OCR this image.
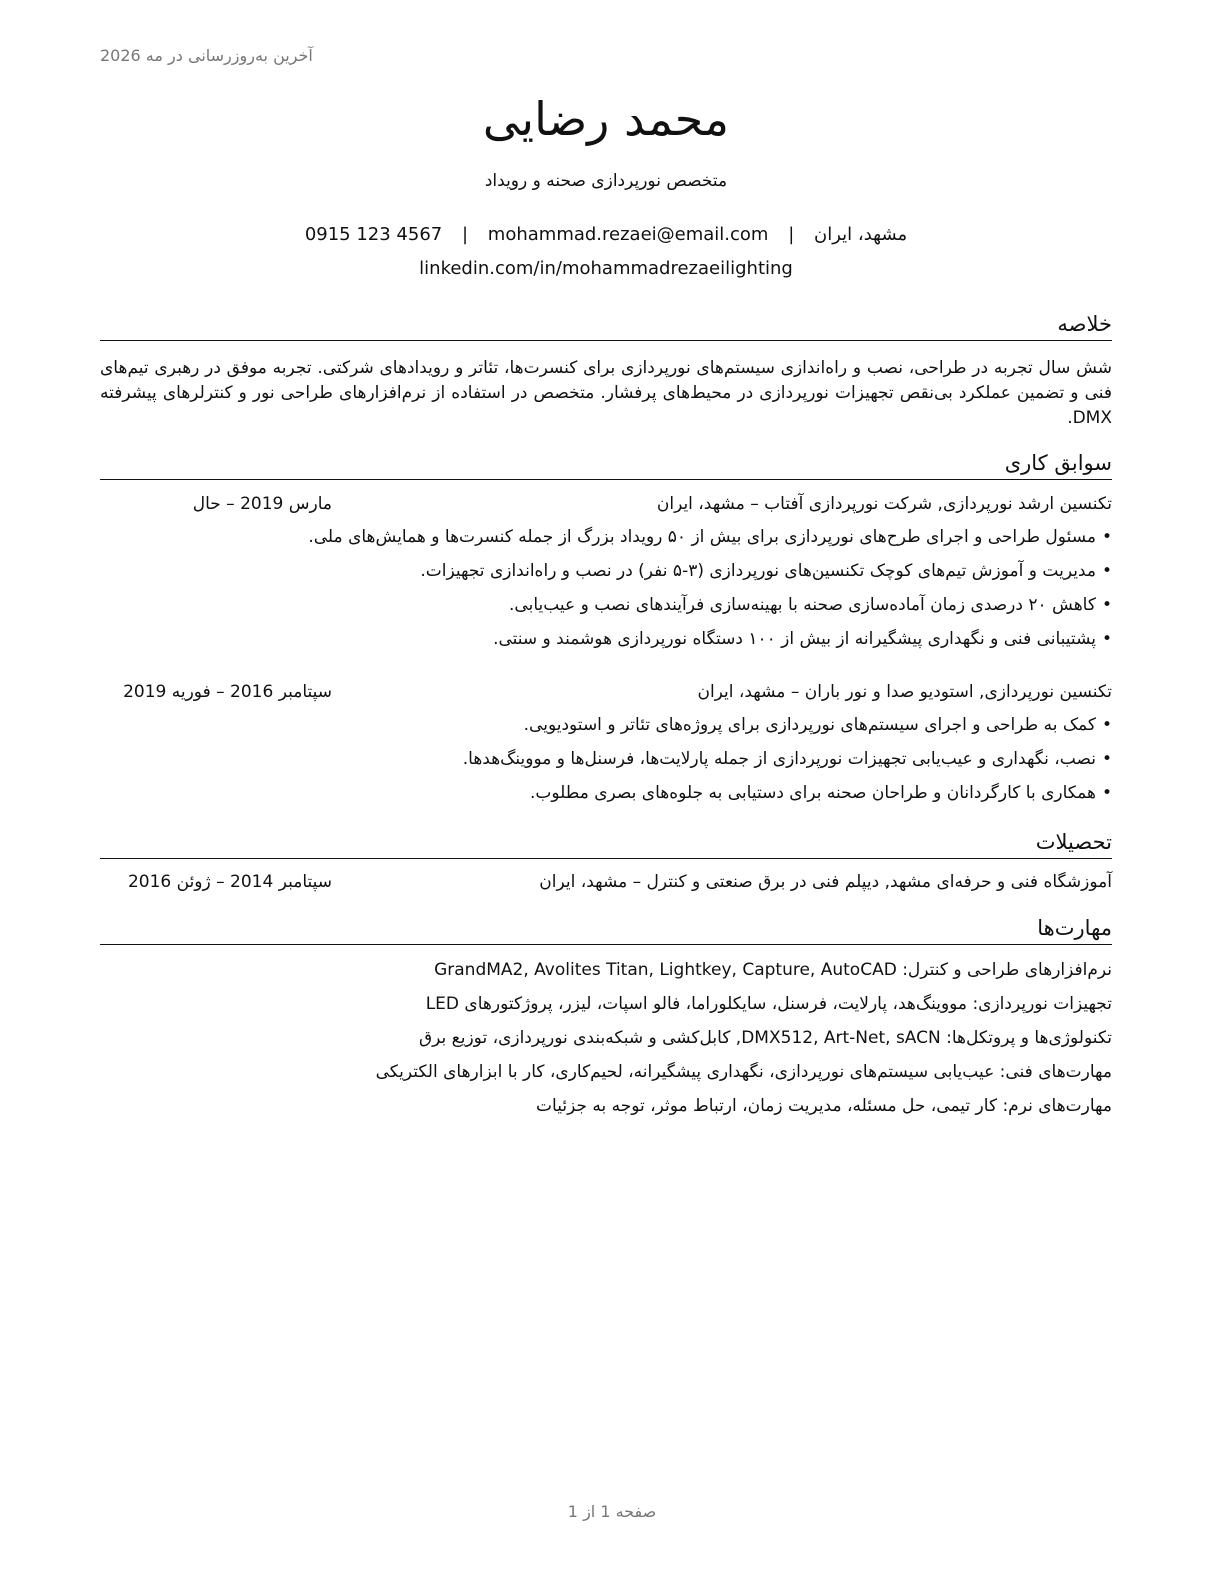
آخرین به‌روزرسانی در مه 2026
محمد رضایی
متخصص نورپردازی صحنه و رویداد
مشهد، ایران | mohammad.rezaei@email.com | 0915 123 4567
linkedin.com/in/mohammadrezaeilighting
خلاصه
شش سال تجربه در طراحی، نصب و راه‌اندازی سیستم‌های نورپردازی برای کنسرت‌ها، تئاتر و رویدادهای شرکتی. تجربه موفق در رهبری تیم‌های فنی و تضمین عملکرد بی‌نقص تجهیزات نورپردازی در محیط‌های پرفشار. متخصص در استفاده از نرم‌افزارهای طراحی نور و کنترلرهای پیشرفته DMX.
سوابق کاری
تکنسین ارشد نورپردازی, شرکت نورپردازی آفتاب – مشهد، ایران
مارس 2019 – حال
• مسئول طراحی و اجرای طرح‌های نورپردازی برای بیش از ۵۰ رویداد بزرگ از جمله کنسرت‌ها و همایش‌های ملی.
• مدیریت و آموزش تیم‌های کوچک تکنسین‌های نورپردازی (۳-۵ نفر) در نصب و راه‌اندازی تجهیزات.
• کاهش ۲۰ درصدی زمان آماده‌سازی صحنه با بهینه‌سازی فرآیندهای نصب و عیب‌یابی.
• پشتیبانی فنی و نگهداری پیشگیرانه از بیش از ۱۰۰ دستگاه نورپردازی هوشمند و سنتی.
تکنسین نورپردازی, استودیو صدا و نور باران – مشهد، ایران
سپتامبر 2016 – فوریه 2019
• کمک به طراحی و اجرای سیستم‌های نورپردازی برای پروژه‌های تئاتر و استودیویی.
• نصب، نگهداری و عیب‌یابی تجهیزات نورپردازی از جمله پارلایت‌ها، فرسنل‌ها و مووینگ‌هدها.
• همکاری با کارگردانان و طراحان صحنه برای دستیابی به جلوه‌های بصری مطلوب.
تحصیلات
آموزشگاه فنی و حرفه‌ای مشهد, دیپلم فنی در برق صنعتی و کنترل – مشهد، ایران
سپتامبر 2014 – ژوئن 2016
مهارت‌ها
نرم‌افزارهای طراحی و کنترل: GrandMA2, Avolites Titan, Lightkey, Capture, AutoCAD
تجهیزات نورپردازی: مووینگ‌هد، پارلایت، فرسنل، سایکلوراما، فالو اسپات، لیزر، پروژکتورهای LED
تکنولوژی‌ها و پروتکل‌ها: DMX512, Art-Net, sACN, کابل‌کشی و شبکه‌بندی نورپردازی، توزیع برق
مهارت‌های فنی: عیب‌یابی سیستم‌های نورپردازی، نگهداری پیشگیرانه، لحیم‌کاری، کار با ابزارهای الکتریکی
مهارت‌های نرم: کار تیمی، حل مسئله، مدیریت زمان، ارتباط موثر، توجه به جزئیات
صفحه 1 از 1
